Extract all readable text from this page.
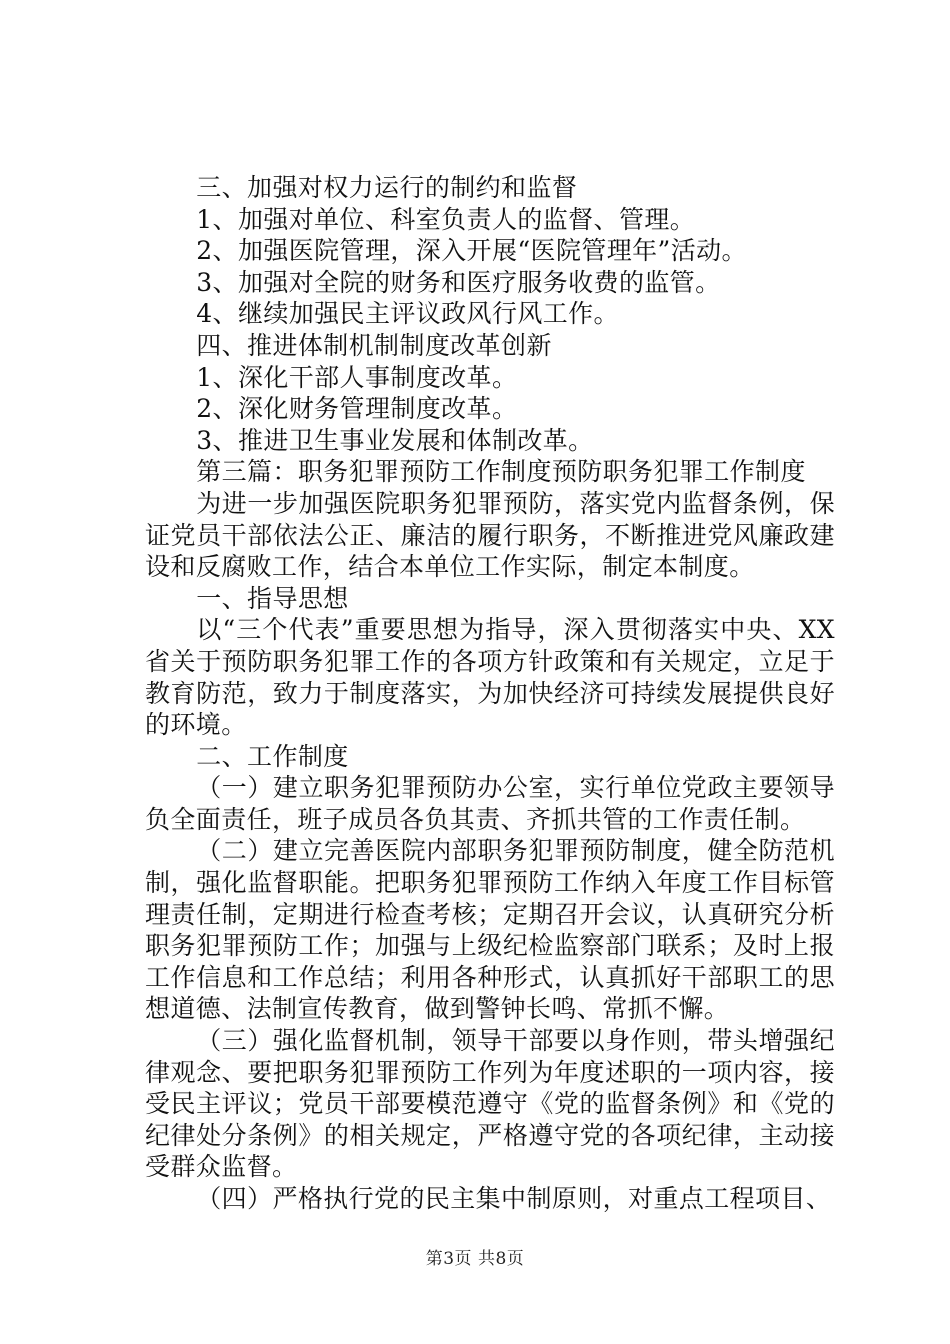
三、加强对权力运行的制约和监督

1、加强对单位、科室负责人的监督、管理。

2、加强医院管理，深入开展“医院管理年”活动。

3、加强对全院的财务和医疗服务收费的监管。

4、继续加强民主评议政风行风工作。

四、推进体制机制制度改革创新

1、深化干部人事制度改革。

2、深化财务管理制度改革。

3、推进卫生事业发展和体制改革。

第三篇：职务犯罪预防工作制度预防职务犯罪工作制度

为进一步加强医院职务犯罪预防，落实党内监督条例，保证党员干部依法公正、廉洁的履行职务，不断推进党风廉政建设和反腐败工作，结合本单位工作实际，制定本制度。

一、指导思想

以“三个代表”重要思想为指导，深入贯彻落实中央、XX省关于预防职务犯罪工作的各项方针政策和有关规定，立足于教育防范，致力于制度落实，为加快经济可持续发展提供良好的环境。

二、工作制度

（一）建立职务犯罪预防办公室，实行单位党政主要领导负全面责任，班子成员各负其责、齐抓共管的工作责任制。

（二）建立完善医院内部职务犯罪预防制度，健全防范机制，强化监督职能。把职务犯罪预防工作纳入年度工作目标管理责任制，定期进行检查考核；定期召开会议，认真研究分析职务犯罪预防工作；加强与上级纪检监察部门联系；及时上报工作信息和工作总结；利用各种形式，认真抓好干部职工的思想道德、法制宣传教育，做到警钟长鸣、常抓不懈。

（三）强化监督机制，领导干部要以身作则，带头增强纪律观念、要把职务犯罪预防工作列为年度述职的一项内容，接受民主评议；党员干部要模范遵守《党的监督条例》和《党的纪律处分条例》的相关规定，严格遵守党的各项纪律，主动接受群众监督。

（四）严格执行党的民主集中制原则，对重点工程项目、

第3页 共8页
